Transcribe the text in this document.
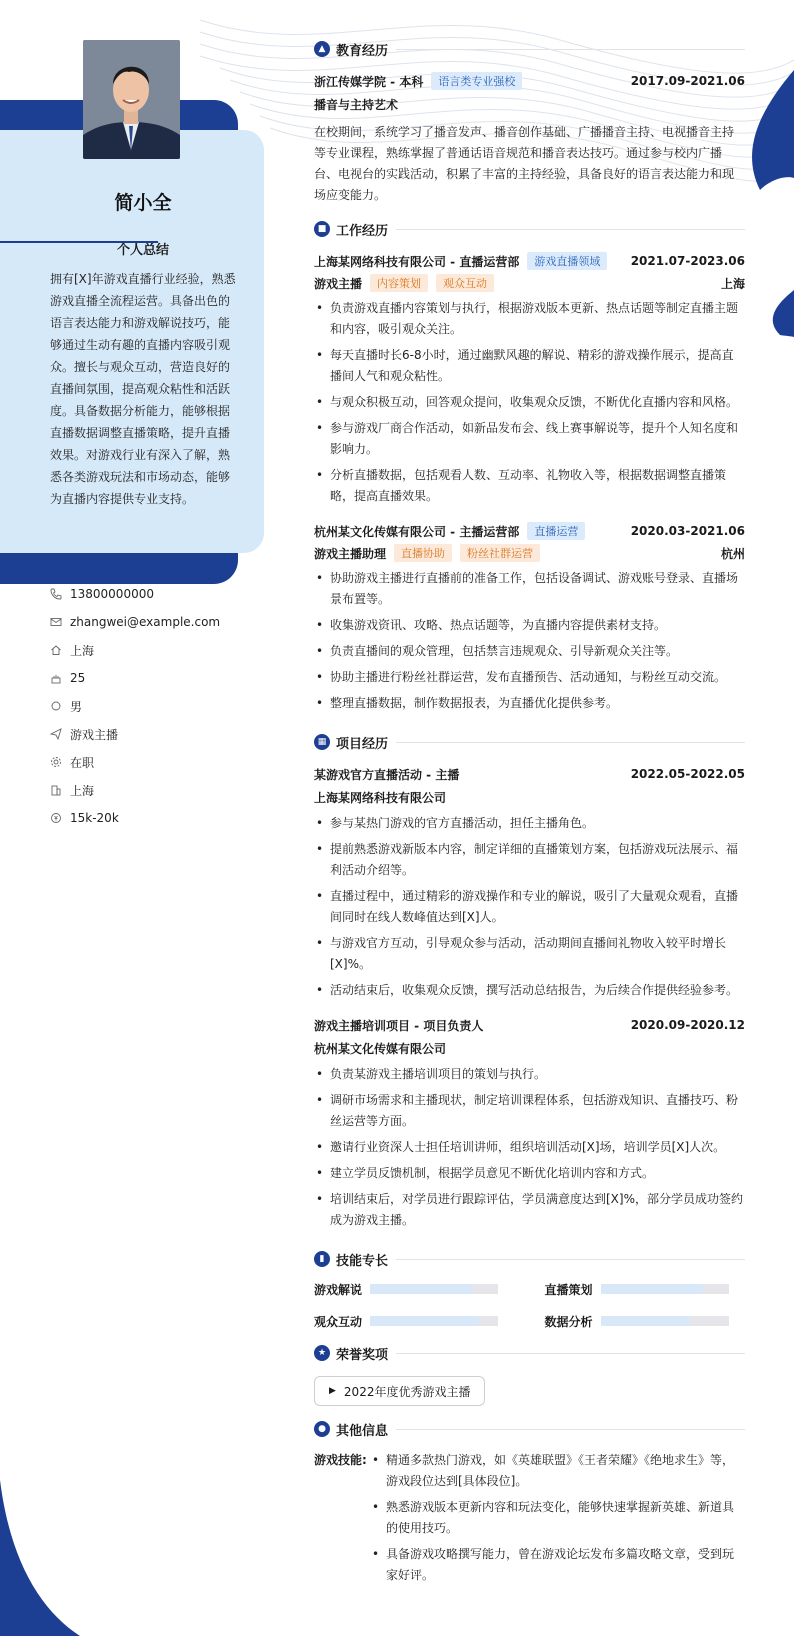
简小全
个人总结
拥有[X]年游戏直播行业经验，熟悉游戏直播全流程运营。具备出色的语言表达能力和游戏解说技巧，能够通过生动有趣的直播内容吸引观众。擅长与观众互动，营造良好的直播间氛围，提高观众粘性和活跃度。具备数据分析能力，能够根据直播数据调整直播策略，提升直播效果。对游戏行业有深入了解，熟悉各类游戏玩法和市场动态，能够为直播内容提供专业支持。
13800000000
zhangwei@example.com
上海
25
男
游戏主播
在职
上海
15k-20k
▲ 教育经历
浙江传媒学院 - 本科	语言类专业强校	2017.09-2021.06
播音与主持艺术
在校期间，系统学习了播音发声、播音创作基础、广播播音主持、电视播音主持等专业课程，熟练掌握了普通话语音规范和播音表达技巧。通过参与校内广播台、电视台的实践活动，积累了丰富的主持经验，具备良好的语言表达能力和现场应变能力。
■ 工作经历
上海某网络科技有限公司 - 直播运营部	游戏直播领域	2021.07-2023.06
游戏主播	内容策划	观众互动	上海
• 负责游戏直播内容策划与执行，根据游戏版本更新、热点话题等制定直播主题和内容，吸引观众关注。
• 每天直播时长6-8小时，通过幽默风趣的解说、精彩的游戏操作展示，提高直播间人气和观众粘性。
• 与观众积极互动，回答观众提问，收集观众反馈，不断优化直播内容和风格。
• 参与游戏厂商合作活动，如新品发布会、线上赛事解说等，提升个人知名度和影响力。
• 分析直播数据，包括观看人数、互动率、礼物收入等，根据数据调整直播策略，提高直播效果。
杭州某文化传媒有限公司 - 主播运营部	直播运营	2020.03-2021.06
游戏主播助理	直播协助	粉丝社群运营	杭州
• 协助游戏主播进行直播前的准备工作，包括设备调试、游戏账号登录、直播场景布置等。
• 收集游戏资讯、攻略、热点话题等，为直播内容提供素材支持。
• 负责直播间的观众管理，包括禁言违规观众、引导新观众关注等。
• 协助主播进行粉丝社群运营，发布直播预告、活动通知，与粉丝互动交流。
• 整理直播数据，制作数据报表，为直播优化提供参考。
▦ 项目经历
某游戏官方直播活动 - 主播	2022.05-2022.05
上海某网络科技有限公司
• 参与某热门游戏的官方直播活动，担任主播角色。
• 提前熟悉游戏新版本内容，制定详细的直播策划方案，包括游戏玩法展示、福利活动介绍等。
• 直播过程中，通过精彩的游戏操作和专业的解说，吸引了大量观众观看，直播间同时在线人数峰值达到[X]人。
• 与游戏官方互动，引导观众参与活动，活动期间直播间礼物收入较平时增长[X]%。
• 活动结束后，收集观众反馈，撰写活动总结报告，为后续合作提供经验参考。
游戏主播培训项目 - 项目负责人	2020.09-2020.12
杭州某文化传媒有限公司
• 负责某游戏主播培训项目的策划与执行。
• 调研市场需求和主播现状，制定培训课程体系，包括游戏知识、直播技巧、粉丝运营等方面。
• 邀请行业资深人士担任培训讲师，组织培训活动[X]场，培训学员[X]人次。
• 建立学员反馈机制，根据学员意见不断优化培训内容和方式。
• 培训结束后，对学员进行跟踪评估，学员满意度达到[X]%，部分学员成功签约成为游戏主播。
▮ 技能专长
游戏解说	直播策划
观众互动	数据分析
★ 荣誉奖项
▶ 2022年度优秀游戏主播
● 其他信息
游戏技能:
•	精通多款热门游戏，如《英雄联盟》《王者荣耀》《绝地求生》等，游戏段位达到[具体段位]。
• 熟悉游戏版本更新内容和玩法变化，能够快速掌握新英雄、新道具的使用技巧。
• 具备游戏攻略撰写能力，曾在游戏论坛发布多篇攻略文章，受到玩家好评。
